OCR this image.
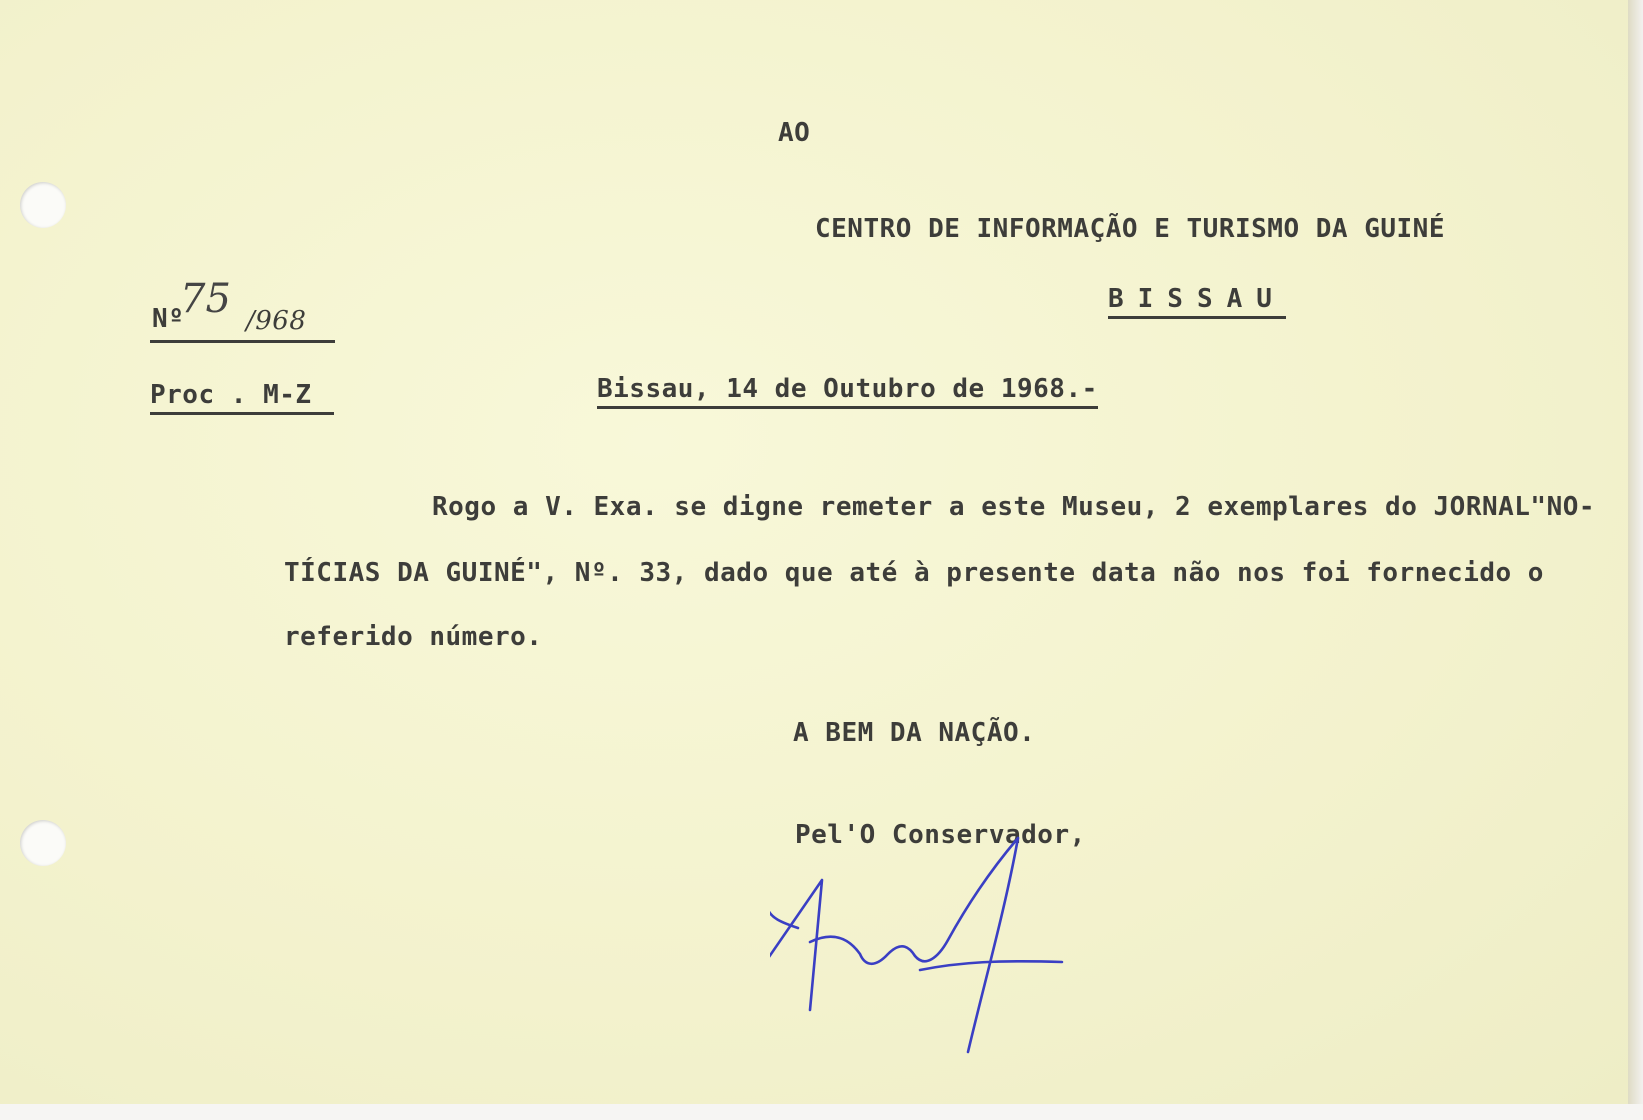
AO

CENTRO DE INFORMAÇÃO E TURISMO DA GUINÉ

BISSAU

Nº

75 /968

Proc . M-Z	Bissau, 14 de Outubro de 1968.-

Rogo a V. Exa. se digne remeter a este Museu, 2 exemplares do JORNAL"NO-

TÍCIAS DA GUINÉ", Nº. 33, dado que até à presente data não nos foi fornecido o

referido número.

A BEM DA NAÇÃO.

Pel'O Conservador,
